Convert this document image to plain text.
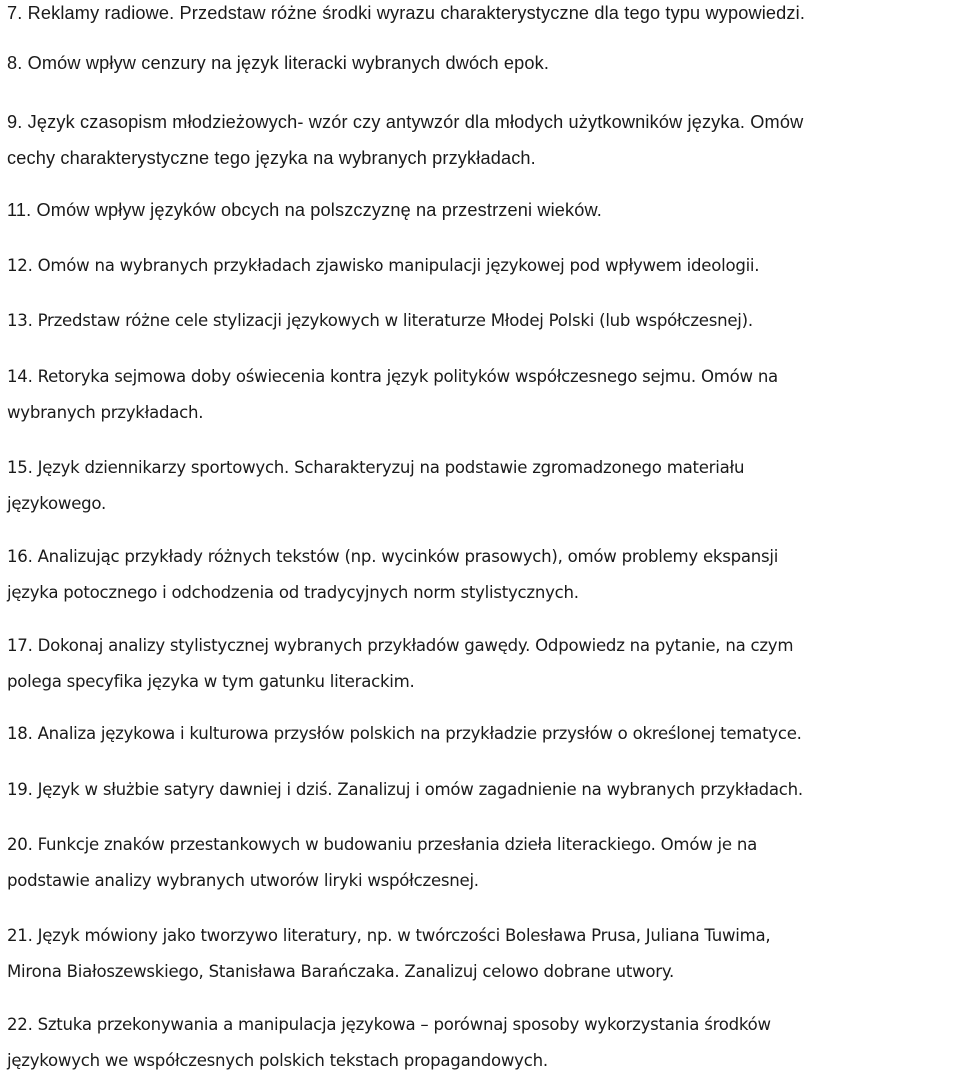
7. Reklamy radiowe. Przedstaw różne środki wyrazu charakterystyczne dla tego typu wypowiedzi.
8. Omów wpływ cenzury na język literacki wybranych dwóch epok.
9. Język czasopism młodzieżowych- wzór czy antywzór dla młodych użytkowników języka. Omów
cechy charakterystyczne tego języka na wybranych przykładach.
11. Omów wpływ języków obcych na polszczyznę na przestrzeni wieków.
12. Omów na wybranych przykładach zjawisko manipulacji językowej pod wpływem ideologii.
13. Przedstaw różne cele stylizacji językowych w literaturze Młodej Polski (lub współczesnej).
14. Retoryka sejmowa doby oświecenia kontra język polityków współczesnego sejmu. Omów na
wybranych przykładach.
15. Język dziennikarzy sportowych. Scharakteryzuj na podstawie zgromadzonego materiału
językowego.
16. Analizując przykłady różnych tekstów (np. wycinków prasowych), omów problemy ekspansji
języka potocznego i odchodzenia od tradycyjnych norm stylistycznych.
17. Dokonaj analizy stylistycznej wybranych przykładów gawędy. Odpowiedz na pytanie, na czym
polega specyfika języka w tym gatunku literackim.
18. Analiza językowa i kulturowa przysłów polskich na przykładzie przysłów o określonej tematyce.
19. Język w służbie satyry dawniej i dziś. Zanalizuj i omów zagadnienie na wybranych przykładach.
20. Funkcje znaków przestankowych w budowaniu przesłania dzieła literackiego. Omów je na
podstawie analizy wybranych utworów liryki współczesnej.
21. Język mówiony jako tworzywo literatury, np. w twórczości Bolesława Prusa, Juliana Tuwima,
Mirona Białoszewskiego, Stanisława Barańczaka. Zanalizuj celowo dobrane utwory.
22. Sztuka przekonywania a manipulacja językowa – porównaj sposoby wykorzystania środków
językowych we współczesnych polskich tekstach propagandowych.
